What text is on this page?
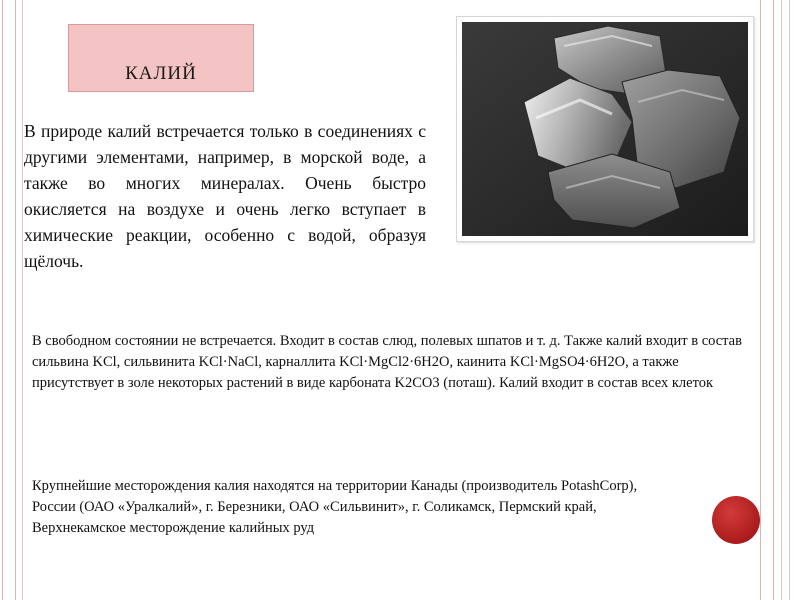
КАЛИЙ

В природе калий встречается только в соединениях с другими элементами, например, в морской воде, а также во многих минералах. Очень быстро окисляется на воздухе и очень легко вступает в химические реакции, особенно с водой, образуя щёлочь.

В свободном состоянии не встречается. Входит в состав слюд, полевых шпатов и т. д. Также калий входит в состав сильвина KCl, сильвинита KCl·NaCl, карналлита KCl·MgCl2·6H2O, каинита KCl·MgSO4·6H2O, а также присутствует в золе некоторых растений в виде карбоната K2CO3 (поташ). Калий входит в состав всех клеток

Крупнейшие месторождения калия находятся на территории Канады (производитель PotashCorp), России (ОАО «Уралкалий», г. Березники, ОАО «Сильвинит», г. Соликамск, Пермский край, Верхнекамское месторождение калийных руд
